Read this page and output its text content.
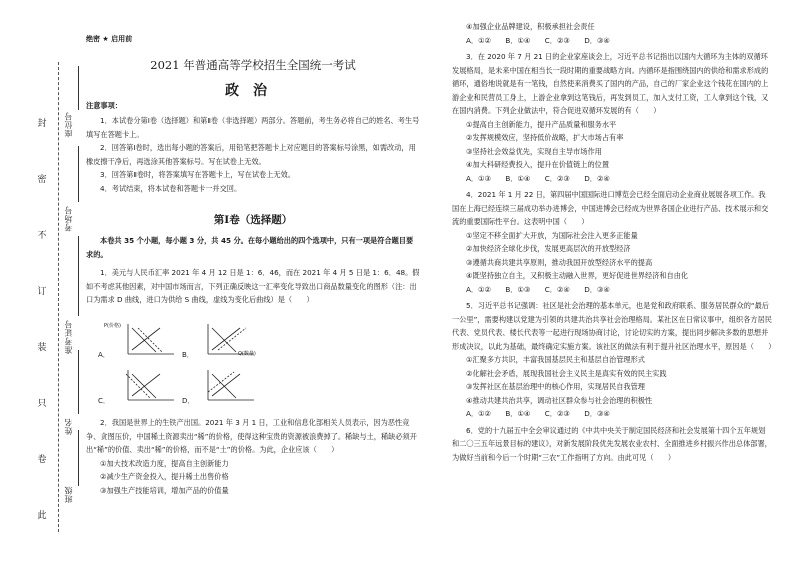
此
卷
只
装
订
不
密
封
班级
姓名
准考证号
考场号
座位号
绝密 ★ 启用前
2021 年普通高等学校招生全国统一考试
政治
注意事项：

1．本试卷分第Ⅰ卷（选择题）和第Ⅱ卷（非选择题）两部分。答题前，考生务必将自己的姓名、考生号填写在答题卡上。

2．回答第Ⅰ卷时，选出每小题的答案后，用铅笔把答题卡上对应题目的答案标号涂黑，如需改动，用橡皮擦干净后，再选涂其他答案标号。写在试卷上无效。

3．回答第Ⅱ卷时，将答案填写在答题卡上，写在试卷上无效。

4．考试结束，将本试卷和答题卡一并交回。

第Ⅰ卷（选择题）

本卷共 35 个小题，每小题 3 分，共 45 分。在每小题给出的四个选项中，只有一项是符合题目要求的。

1．美元与人民币汇率 2021 年 4 月 12 日是 1：6．46，而在 2021 年 4 月 5 日是 1：6．48。假如不考虑其他因素，对中国市场而言，下列正确反映这一汇率变化导致出口商品数量变化的图形（注：出口为需求 D 曲线，进口为供给 S 曲线，虚线为变化后曲线）是（　　）

A．
P(价格)
B．	Q(数量)
C．	D．

2．我国是世界上的生铁产出国。2021 年 3 月 1 日，工业和信息化部相关人员表示，因为恶性竞争、贪图压价，中国稀土资源卖出“稀”的价格，使得这种宝贵的资源被浪费掉了。稀缺与土，稀缺必须开出“稀”的价值、卖出“稀”的价格，而不是“土”的价格。为此，企业应该（　　）

①加大技术改造力度，提高自主创新能力

②减少生产资金投入，提升稀土出售价格

③加强生产技能培训，增加产品的价值量

④加强企业品牌建设，积极承担社会责任

A．①②　　B．①④　　C．②③　　D．③④

3．在 2020 年 7 月 21 日的企业家座谈会上，习近平总书记指出以国内大循环为主体的双循环发展格局，是未来中国在相当长一段时期的重要战略方向。内循环是指围绕国内的供给和需求形成的循环，通俗地说就是有一笔钱，自然使来消费买了国内的产品，自己的厂家企业这个钱花在国内的上游企业和民营员工身上，上游企业拿到这笔钱后，再发到员工，加入支付工资，工人拿到这个钱，又在国内消费。下列企业做法中，符合促进双循环发展的有（　　）

①提高自主创新能力，提升产品质量和服务水平

②发挥规模效应，坚持低价战略，扩大市场占有率

③坚持社会效益优先，实现自主导市场作用

④加大科研经费投入，提升在价值链上的位置

A．①③　　B．①④　　C．②③　　D．②④

4．2021 年 1 月 22 日，第四届中国国际进口博览会已经全面启动企业商业展展各项工作。我国在上海已经连续三届成功举办进博会，中国进博会已经成为世界各国企业进行产品、技术展示和交流的重要国际性平台。这表明中国（　　）

①坚定不移全面扩大开放，为国际社会注入更多正能量

②加快经济全球化步伐，发展更高层次的开放型经济

③遵循共商共建共享原则，推动我国开放型经济水平的提高

④既坚持独立自主，又积极主动融入世界，更好促进世界经济和自由化

A．①②　　B．①③　　C．②④　　D．③④

5．习近平总书记强调：社区是社会治理的基本单元，也是党和政府联系、服务居民群众的“最后一公里”，需要构建以党建为引领的共建共治共享社会治理格局。某社区在日常议事中，组织各方居民代表、党员代表、楼长代表等一起进行现场协商讨论，讨论切实的方案，提出同步解决多数的思想并形成决议，以此为基础，最终确定实施方案。该社区的做法有利于提升社区治理水平，原因是（　　）

①汇聚多方共识，丰富我国基层民主和基层自治管理形式

②化解社会矛盾，展现我国社会主义民主是真实有效的民主实践

③发挥社区在基层治理中的核心作用，实现居民自我管理

④推动共建共治共享，调动社区群众参与社会治理的积极性

A．①②　　B．①④　　C．②③　　D．③④

6．党的十九届五中全会审议通过的《中共中央关于制定国民经济和社会发展第十四个五年规划和二〇三五年远景目标的建议》，对新发展阶段优先发展农业农村、全面推进乡村振兴作出总体部署，为做好当前和今后一个时期“三农”工作指明了方向。由此可见（　　）
